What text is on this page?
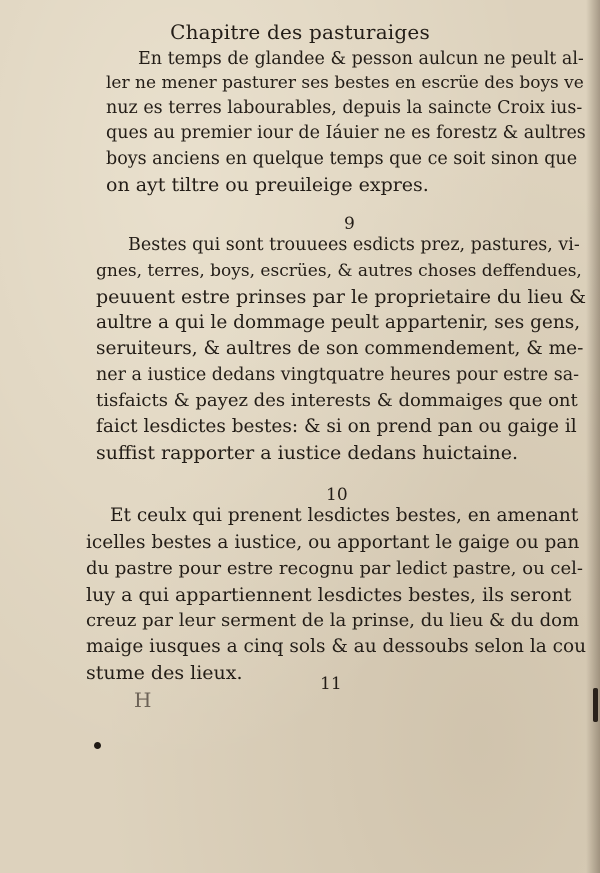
Chapitre des pasturaiges
En temps de glandee & pesson aulcun ne peult al-
ler ne mener pasturer ses bestes en escrüe des boys ve
nuz es terres labourables, depuis la saincte Croix ius-
ques au premier iour de Iáuier ne es forestz & aultres
boys anciens en quelque temps que ce soit sinon que
on ayt tiltre ou preuileige expres.
9
Bestes qui sont trouuees esdicts prez, pastures, vi-
gnes, terres, boys, escrües, & autres choses deffendues,
peuuent estre prinses par le proprietaire du lieu &
aultre a qui le dommage peult appartenir, ses gens,
seruiteurs, & aultres de son commendement, & me-
ner a iustice dedans vingtquatre heures pour estre sa-
tisfaicts & payez des interests & dommaiges que ont
faict lesdictes bestes: & si on prend pan ou gaige il
suffist rapporter a iustice dedans huictaine.
10
Et ceulx qui prenent lesdictes bestes, en amenant
icelles bestes a iustice, ou apportant le gaige ou pan
du pastre pour estre recognu par ledict pastre, ou cel-
luy a qui appartiennent lesdictes bestes, ils seront
creuz par leur serment de la prinse, du lieu & du dom
maige iusques a cinq sols & au dessoubs selon la cou
stume des lieux.	11
H
